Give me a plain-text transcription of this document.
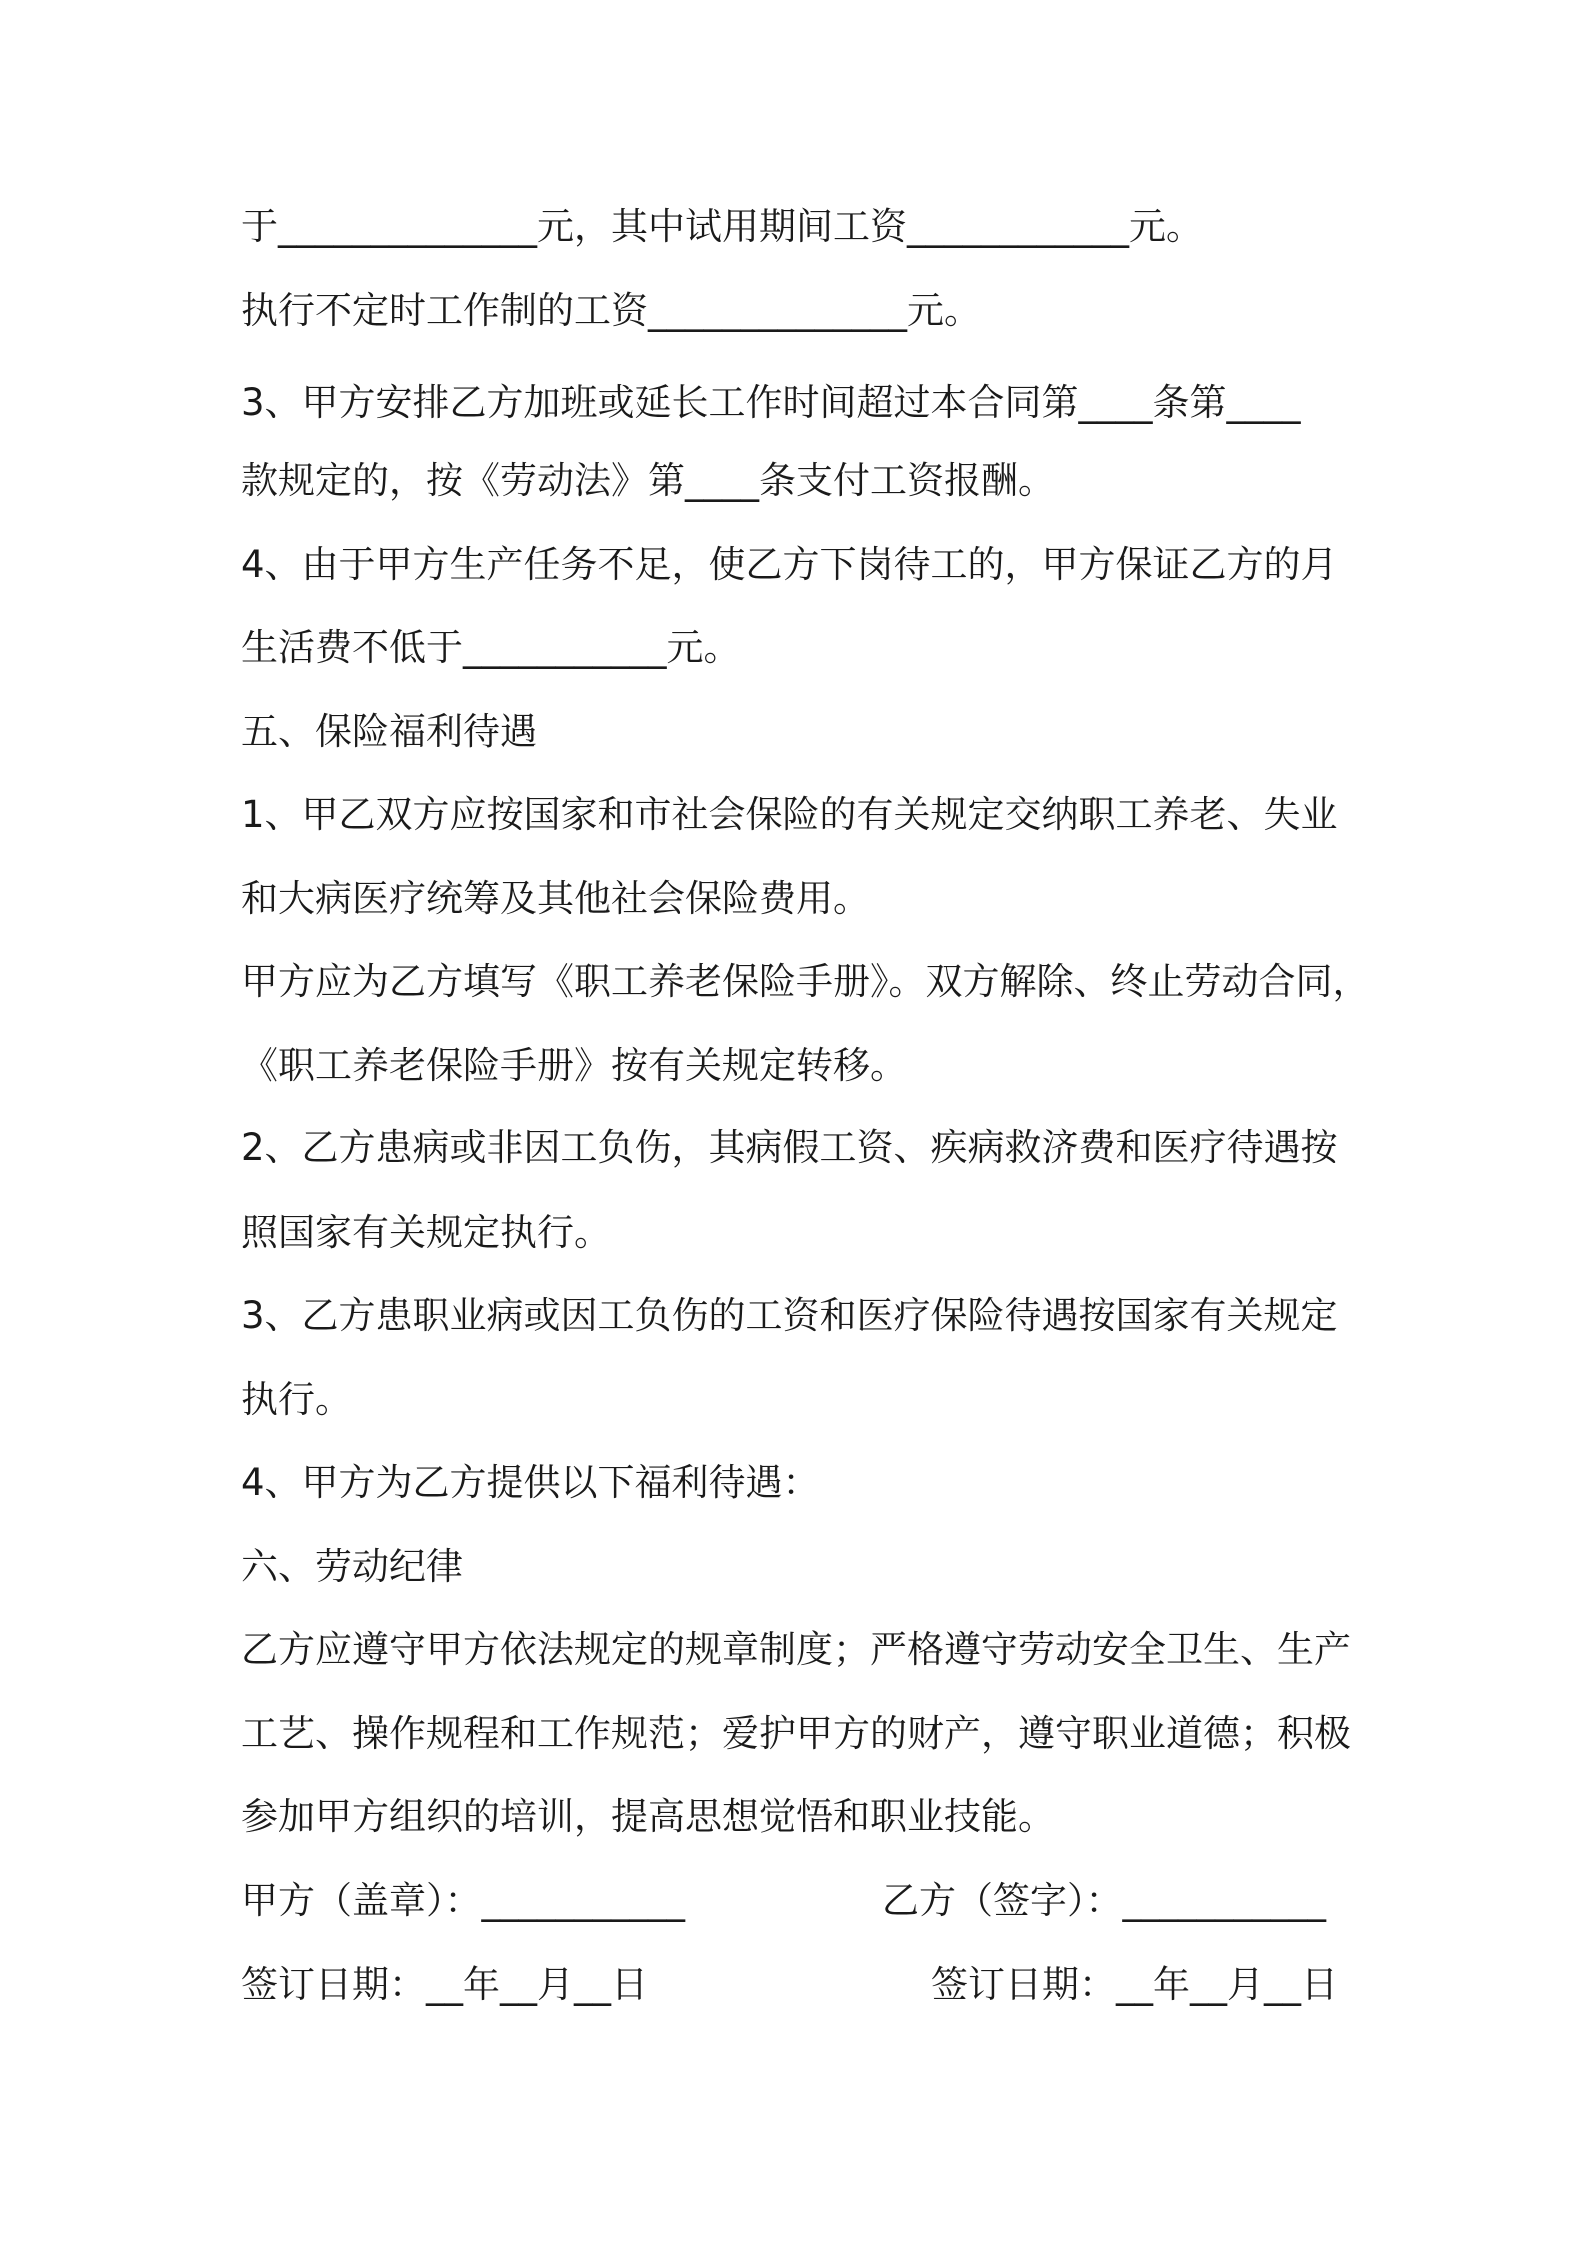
于______________元，其中试用期间工资____________元。
执行不定时工作制的工资______________元。
3、甲方安排乙方加班或延长工作时间超过本合同第____条第____
款规定的，按《劳动法》第____条支付工资报酬。
4、由于甲方生产任务不足，使乙方下岗待工的，甲方保证乙方的月
生活费不低于___________元。
五、保险福利待遇
1、甲乙双方应按国家和市社会保险的有关规定交纳职工养老、失业
和大病医疗统筹及其他社会保险费用。
甲方应为乙方填写《职工养老保险手册》。双方解除、终止劳动合同，
《职工养老保险手册》按有关规定转移。
2、乙方患病或非因工负伤，其病假工资、疾病救济费和医疗待遇按
照国家有关规定执行。
3、乙方患职业病或因工负伤的工资和医疗保险待遇按国家有关规定
执行。
4、甲方为乙方提供以下福利待遇：
六、劳动纪律
乙方应遵守甲方依法规定的规章制度；严格遵守劳动安全卫生、生产
工艺、操作规程和工作规范；爱护甲方的财产，遵守职业道德；积极
参加甲方组织的培训，提高思想觉悟和职业技能。
甲方（盖章）：___________	乙方（签字）：___________
签订日期：__年__月__日	签订日期：__年__月__日
